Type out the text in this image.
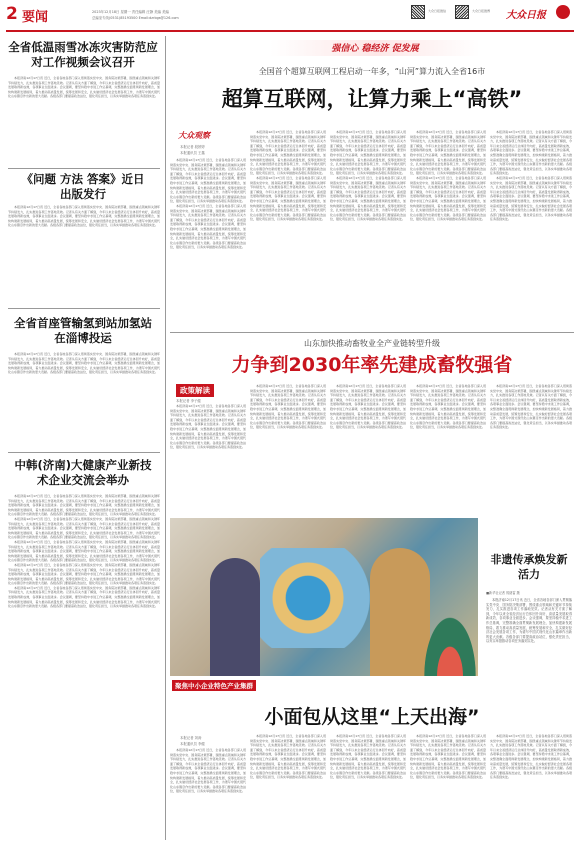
2 要闻	2023年12月18日 星期一 责任编辑 汪静 美编 美编
总编室专线(0531)85193500 Email:dzrbgs@126.com
大众日报微信	大众日报微博 大众日报
全省低温雨雪冰冻灾害防范应对工作视频会议召开

本报济南12月17日讯 近日，全省各地各部门深入贯彻落实党中央、国务院决策部署，围绕重点领域和关键环节持续发力，扎实推进各项工作落地见效。记者从有关方面了解到，今年以来全省经济运行总体回升向好，高质量发展取得新成效，各项事业全面进步。会议强调，要坚持稳中求进工作总基调，完整准确全面贯彻新发展理念，加快构建新发展格局，着力推动高质量发展，统筹发展和安全，扎实做好经济社会发展各项工作，为谱写中国式现代化山东篇章作出新的更大贡献。各级各部门要提高政治站位，强化责任担当，以务实举措推动各项任务落到实处。

《问题 方法 答案》近日出版发行

本报济南12月17日讯 近日，全省各地各部门深入贯彻落实党中央、国务院决策部署，围绕重点领域和关键环节持续发力，扎实推进各项工作落地见效。记者从有关方面了解到，今年以来全省经济运行总体回升向好，高质量发展取得新成效，各项事业全面进步。会议强调，要坚持稳中求进工作总基调，完整准确全面贯彻新发展理念，加快构建新发展格局，着力推动高质量发展，统筹发展和安全，扎实做好经济社会发展各项工作，为谱写中国式现代化山东篇章作出新的更大贡献。各级各部门要提高政治站位，强化责任担当，以务实举措推动各项任务落到实处。

全省首座管输氢到站加氢站在淄博投运

本报济南12月17日讯 近日，全省各地各部门深入贯彻落实党中央、国务院决策部署，围绕重点领域和关键环节持续发力，扎实推进各项工作落地见效。记者从有关方面了解到，今年以来全省经济运行总体回升向好，高质量发展取得新成效，各项事业全面进步。会议强调，要坚持稳中求进工作总基调，完整准确全面贯彻新发展理念，加快构建新发展格局，着力推动高质量发展，统筹发展和安全，扎实做好经济社会发展各项工作，为谱写中国式现代化山东篇章作出新的更大贡献。各级各部门要提高政治站位，强化责任担当，以务实举措推动各项任务落到实处。

中韩(济南)大健康产业新技术企业交流会举办

本报济南12月17日讯 近日，全省各地各部门深入贯彻落实党中央、国务院决策部署，围绕重点领域和关键环节持续发力，扎实推进各项工作落地见效。记者从有关方面了解到，今年以来全省经济运行总体回升向好，高质量发展取得新成效，各项事业全面进步。会议强调，要坚持稳中求进工作总基调，完整准确全面贯彻新发展理念，加快构建新发展格局，着力推动高质量发展，统筹发展和安全，扎实做好经济社会发展各项工作，为谱写中国式现代化山东篇章作出新的更大贡献。各级各部门要提高政治站位，强化责任担当，以务实举措推动各项任务落到实处。

本报济南12月17日讯 近日，全省各地各部门深入贯彻落实党中央、国务院决策部署，围绕重点领域和关键环节持续发力，扎实推进各项工作落地见效。记者从有关方面了解到，今年以来全省经济运行总体回升向好，高质量发展取得新成效，各项事业全面进步。会议强调，要坚持稳中求进工作总基调，完整准确全面贯彻新发展理念，加快构建新发展格局，着力推动高质量发展，统筹发展和安全，扎实做好经济社会发展各项工作，为谱写中国式现代化山东篇章作出新的更大贡献。各级各部门要提高政治站位，强化责任担当，以务实举措推动各项任务落到实处。

本报济南12月17日讯 近日，全省各地各部门深入贯彻落实党中央、国务院决策部署，围绕重点领域和关键环节持续发力，扎实推进各项工作落地见效。记者从有关方面了解到，今年以来全省经济运行总体回升向好，高质量发展取得新成效，各项事业全面进步。会议强调，要坚持稳中求进工作总基调，完整准确全面贯彻新发展理念，加快构建新发展格局，着力推动高质量发展，统筹发展和安全，扎实做好经济社会发展各项工作，为谱写中国式现代化山东篇章作出新的更大贡献。各级各部门要提高政治站位，强化责任担当，以务实举措推动各项任务落到实处。

本报济南12月17日讯 近日，全省各地各部门深入贯彻落实党中央、国务院决策部署，围绕重点领域和关键环节持续发力，扎实推进各项工作落地见效。记者从有关方面了解到，今年以来全省经济运行总体回升向好，高质量发展取得新成效，各项事业全面进步。会议强调，要坚持稳中求进工作总基调，完整准确全面贯彻新发展理念，加快构建新发展格局，着力推动高质量发展，统筹发展和安全，扎实做好经济社会发展各项工作，为谱写中国式现代化山东篇章作出新的更大贡献。各级各部门要提高政治站位，强化责任担当，以务实举措推动各项任务落到实处。

本报济南12月17日讯 近日，全省各地各部门深入贯彻落实党中央、国务院决策部署，围绕重点领域和关键环节持续发力，扎实推进各项工作落地见效。记者从有关方面了解到，今年以来全省经济运行总体回升向好，高质量发展取得新成效，各项事业全面进步。会议强调，要坚持稳中求进工作总基调，完整准确全面贯彻新发展理念，加快构建新发展格局，着力推动高质量发展，统筹发展和安全，扎实做好经济社会发展各项工作，为谱写中国式现代化山东篇章作出新的更大贡献。各级各部门要提高政治站位，强化责任担当，以务实举措推动各项任务落到实处。

强信心 稳经济 促发展
全国首个超算互联网工程启动一年多，“山河”算力流入全省16市
超算互联网，让算力乘上“高铁”
大众观察
本报记者 段婷婷
本报通讯员 王鑫

本报济南12月17日讯 近日，全省各地各部门深入贯彻落实党中央、国务院决策部署，围绕重点领域和关键环节持续发力，扎实推进各项工作落地见效。记者从有关方面了解到，今年以来全省经济运行总体回升向好，高质量发展取得新成效，各项事业全面进步。会议强调，要坚持稳中求进工作总基调，完整准确全面贯彻新发展理念，加快构建新发展格局，着力推动高质量发展，统筹发展和安全，扎实做好经济社会发展各项工作，为谱写中国式现代化山东篇章作出新的更大贡献。各级各部门要提高政治站位，强化责任担当，以务实举措推动各项任务落到实处。

本报济南12月17日讯 近日，全省各地各部门深入贯彻落实党中央、国务院决策部署，围绕重点领域和关键环节持续发力，扎实推进各项工作落地见效。记者从有关方面了解到，今年以来全省经济运行总体回升向好，高质量发展取得新成效，各项事业全面进步。会议强调，要坚持稳中求进工作总基调，完整准确全面贯彻新发展理念，加快构建新发展格局，着力推动高质量发展，统筹发展和安全，扎实做好经济社会发展各项工作，为谱写中国式现代化山东篇章作出新的更大贡献。各级各部门要提高政治站位，强化责任担当，以务实举措推动各项任务落到实处。

本报济南12月17日讯 近日，全省各地各部门深入贯彻落实党中央、国务院决策部署，围绕重点领域和关键环节持续发力，扎实推进各项工作落地见效。记者从有关方面了解到，今年以来全省经济运行总体回升向好，高质量发展取得新成效，各项事业全面进步。会议强调，要坚持稳中求进工作总基调，完整准确全面贯彻新发展理念，加快构建新发展格局，着力推动高质量发展，统筹发展和安全，扎实做好经济社会发展各项工作，为谱写中国式现代化山东篇章作出新的更大贡献。各级各部门要提高政治站位，强化责任担当，以务实举措推动各项任务落到实处。

本报济南12月17日讯 近日，全省各地各部门深入贯彻落实党中央、国务院决策部署，围绕重点领域和关键环节持续发力，扎实推进各项工作落地见效。记者从有关方面了解到，今年以来全省经济运行总体回升向好，高质量发展取得新成效，各项事业全面进步。会议强调，要坚持稳中求进工作总基调，完整准确全面贯彻新发展理念，加快构建新发展格局，着力推动高质量发展，统筹发展和安全，扎实做好经济社会发展各项工作，为谱写中国式现代化山东篇章作出新的更大贡献。各级各部门要提高政治站位，强化责任担当，以务实举措推动各项任务落到实处。

本报济南12月17日讯 近日，全省各地各部门深入贯彻落实党中央、国务院决策部署，围绕重点领域和关键环节持续发力，扎实推进各项工作落地见效。记者从有关方面了解到，今年以来全省经济运行总体回升向好，高质量发展取得新成效，各项事业全面进步。会议强调，要坚持稳中求进工作总基调，完整准确全面贯彻新发展理念，加快构建新发展格局，着力推动高质量发展，统筹发展和安全，扎实做好经济社会发展各项工作，为谱写中国式现代化山东篇章作出新的更大贡献。各级各部门要提高政治站位，强化责任担当，以务实举措推动各项任务落到实处。

本报济南12月17日讯 近日，全省各地各部门深入贯彻落实党中央、国务院决策部署，围绕重点领域和关键环节持续发力，扎实推进各项工作落地见效。记者从有关方面了解到，今年以来全省经济运行总体回升向好，高质量发展取得新成效，各项事业全面进步。会议强调，要坚持稳中求进工作总基调，完整准确全面贯彻新发展理念，加快构建新发展格局，着力推动高质量发展，统筹发展和安全，扎实做好经济社会发展各项工作，为谱写中国式现代化山东篇章作出新的更大贡献。各级各部门要提高政治站位，强化责任担当，以务实举措推动各项任务落到实处。

本报济南12月17日讯 近日，全省各地各部门深入贯彻落实党中央、国务院决策部署，围绕重点领域和关键环节持续发力，扎实推进各项工作落地见效。记者从有关方面了解到，今年以来全省经济运行总体回升向好，高质量发展取得新成效，各项事业全面进步。会议强调，要坚持稳中求进工作总基调，完整准确全面贯彻新发展理念，加快构建新发展格局，着力推动高质量发展，统筹发展和安全，扎实做好经济社会发展各项工作，为谱写中国式现代化山东篇章作出新的更大贡献。各级各部门要提高政治站位，强化责任担当，以务实举措推动各项任务落到实处。

本报济南12月17日讯 近日，全省各地各部门深入贯彻落实党中央、国务院决策部署，围绕重点领域和关键环节持续发力，扎实推进各项工作落地见效。记者从有关方面了解到，今年以来全省经济运行总体回升向好，高质量发展取得新成效，各项事业全面进步。会议强调，要坚持稳中求进工作总基调，完整准确全面贯彻新发展理念，加快构建新发展格局，着力推动高质量发展，统筹发展和安全，扎实做好经济社会发展各项工作，为谱写中国式现代化山东篇章作出新的更大贡献。各级各部门要提高政治站位，强化责任担当，以务实举措推动各项任务落到实处。

本报济南12月17日讯 近日，全省各地各部门深入贯彻落实党中央、国务院决策部署，围绕重点领域和关键环节持续发力，扎实推进各项工作落地见效。记者从有关方面了解到，今年以来全省经济运行总体回升向好，高质量发展取得新成效，各项事业全面进步。会议强调，要坚持稳中求进工作总基调，完整准确全面贯彻新发展理念，加快构建新发展格局，着力推动高质量发展，统筹发展和安全，扎实做好经济社会发展各项工作，为谱写中国式现代化山东篇章作出新的更大贡献。各级各部门要提高政治站位，强化责任担当，以务实举措推动各项任务落到实处。

本报济南12月17日讯 近日，全省各地各部门深入贯彻落实党中央、国务院决策部署，围绕重点领域和关键环节持续发力，扎实推进各项工作落地见效。记者从有关方面了解到，今年以来全省经济运行总体回升向好，高质量发展取得新成效，各项事业全面进步。会议强调，要坚持稳中求进工作总基调，完整准确全面贯彻新发展理念，加快构建新发展格局，着力推动高质量发展，统筹发展和安全，扎实做好经济社会发展各项工作，为谱写中国式现代化山东篇章作出新的更大贡献。各级各部门要提高政治站位，强化责任担当，以务实举措推动各项任务落到实处。

山东加快推动畜牧业全产业链转型升级
力争到2030年率先建成畜牧强省
政策解读
本报记者 李子健

本报济南12月17日讯 近日，全省各地各部门深入贯彻落实党中央、国务院决策部署，围绕重点领域和关键环节持续发力，扎实推进各项工作落地见效。记者从有关方面了解到，今年以来全省经济运行总体回升向好，高质量发展取得新成效，各项事业全面进步。会议强调，要坚持稳中求进工作总基调，完整准确全面贯彻新发展理念，加快构建新发展格局，着力推动高质量发展，统筹发展和安全，扎实做好经济社会发展各项工作，为谱写中国式现代化山东篇章作出新的更大贡献。各级各部门要提高政治站位，强化责任担当，以务实举措推动各项任务落到实处。

本报济南12月17日讯 近日，全省各地各部门深入贯彻落实党中央、国务院决策部署，围绕重点领域和关键环节持续发力，扎实推进各项工作落地见效。记者从有关方面了解到，今年以来全省经济运行总体回升向好，高质量发展取得新成效，各项事业全面进步。会议强调，要坚持稳中求进工作总基调，完整准确全面贯彻新发展理念，加快构建新发展格局，着力推动高质量发展，统筹发展和安全，扎实做好经济社会发展各项工作，为谱写中国式现代化山东篇章作出新的更大贡献。各级各部门要提高政治站位，强化责任担当，以务实举措推动各项任务落到实处。

本报济南12月17日讯 近日，全省各地各部门深入贯彻落实党中央、国务院决策部署，围绕重点领域和关键环节持续发力，扎实推进各项工作落地见效。记者从有关方面了解到，今年以来全省经济运行总体回升向好，高质量发展取得新成效，各项事业全面进步。会议强调，要坚持稳中求进工作总基调，完整准确全面贯彻新发展理念，加快构建新发展格局，着力推动高质量发展，统筹发展和安全，扎实做好经济社会发展各项工作，为谱写中国式现代化山东篇章作出新的更大贡献。各级各部门要提高政治站位，强化责任担当，以务实举措推动各项任务落到实处。

本报济南12月17日讯 近日，全省各地各部门深入贯彻落实党中央、国务院决策部署，围绕重点领域和关键环节持续发力，扎实推进各项工作落地见效。记者从有关方面了解到，今年以来全省经济运行总体回升向好，高质量发展取得新成效，各项事业全面进步。会议强调，要坚持稳中求进工作总基调，完整准确全面贯彻新发展理念，加快构建新发展格局，着力推动高质量发展，统筹发展和安全，扎实做好经济社会发展各项工作，为谱写中国式现代化山东篇章作出新的更大贡献。各级各部门要提高政治站位，强化责任担当，以务实举措推动各项任务落到实处。

本报济南12月17日讯 近日，全省各地各部门深入贯彻落实党中央、国务院决策部署，围绕重点领域和关键环节持续发力，扎实推进各项工作落地见效。记者从有关方面了解到，今年以来全省经济运行总体回升向好，高质量发展取得新成效，各项事业全面进步。会议强调，要坚持稳中求进工作总基调，完整准确全面贯彻新发展理念，加快构建新发展格局，着力推动高质量发展，统筹发展和安全，扎实做好经济社会发展各项工作，为谱写中国式现代化山东篇章作出新的更大贡献。各级各部门要提高政治站位，强化责任担当，以务实举措推动各项任务落到实处。

非遗传承焕发新活力
■新华社记者 郭绪雷 摄

本报济南12月17日讯 近日，全省各地各部门深入贯彻落实党中央、国务院决策部署，围绕重点领域和关键环节持续发力，扎实推进各项工作落地见效。记者从有关方面了解到，今年以来全省经济运行总体回升向好，高质量发展取得新成效，各项事业全面进步。会议强调，要坚持稳中求进工作总基调，完整准确全面贯彻新发展理念，加快构建新发展格局，着力推动高质量发展，统筹发展和安全，扎实做好经济社会发展各项工作，为谱写中国式现代化山东篇章作出新的更大贡献。各级各部门要提高政治站位，强化责任担当，以务实举措推动各项任务落到实处。

聚焦中小企业特色产业集群
小面包从这里“上天出海”
本报记者 刘涛
本报通讯员 李健

本报济南12月17日讯 近日，全省各地各部门深入贯彻落实党中央、国务院决策部署，围绕重点领域和关键环节持续发力，扎实推进各项工作落地见效。记者从有关方面了解到，今年以来全省经济运行总体回升向好，高质量发展取得新成效，各项事业全面进步。会议强调，要坚持稳中求进工作总基调，完整准确全面贯彻新发展理念，加快构建新发展格局，着力推动高质量发展，统筹发展和安全，扎实做好经济社会发展各项工作，为谱写中国式现代化山东篇章作出新的更大贡献。各级各部门要提高政治站位，强化责任担当，以务实举措推动各项任务落到实处。

本报济南12月17日讯 近日，全省各地各部门深入贯彻落实党中央、国务院决策部署，围绕重点领域和关键环节持续发力，扎实推进各项工作落地见效。记者从有关方面了解到，今年以来全省经济运行总体回升向好，高质量发展取得新成效，各项事业全面进步。会议强调，要坚持稳中求进工作总基调，完整准确全面贯彻新发展理念，加快构建新发展格局，着力推动高质量发展，统筹发展和安全，扎实做好经济社会发展各项工作，为谱写中国式现代化山东篇章作出新的更大贡献。各级各部门要提高政治站位，强化责任担当，以务实举措推动各项任务落到实处。

本报济南12月17日讯 近日，全省各地各部门深入贯彻落实党中央、国务院决策部署，围绕重点领域和关键环节持续发力，扎实推进各项工作落地见效。记者从有关方面了解到，今年以来全省经济运行总体回升向好，高质量发展取得新成效，各项事业全面进步。会议强调，要坚持稳中求进工作总基调，完整准确全面贯彻新发展理念，加快构建新发展格局，着力推动高质量发展，统筹发展和安全，扎实做好经济社会发展各项工作，为谱写中国式现代化山东篇章作出新的更大贡献。各级各部门要提高政治站位，强化责任担当，以务实举措推动各项任务落到实处。

本报济南12月17日讯 近日，全省各地各部门深入贯彻落实党中央、国务院决策部署，围绕重点领域和关键环节持续发力，扎实推进各项工作落地见效。记者从有关方面了解到，今年以来全省经济运行总体回升向好，高质量发展取得新成效，各项事业全面进步。会议强调，要坚持稳中求进工作总基调，完整准确全面贯彻新发展理念，加快构建新发展格局，着力推动高质量发展，统筹发展和安全，扎实做好经济社会发展各项工作，为谱写中国式现代化山东篇章作出新的更大贡献。各级各部门要提高政治站位，强化责任担当，以务实举措推动各项任务落到实处。

本报济南12月17日讯 近日，全省各地各部门深入贯彻落实党中央、国务院决策部署，围绕重点领域和关键环节持续发力，扎实推进各项工作落地见效。记者从有关方面了解到，今年以来全省经济运行总体回升向好，高质量发展取得新成效，各项事业全面进步。会议强调，要坚持稳中求进工作总基调，完整准确全面贯彻新发展理念，加快构建新发展格局，着力推动高质量发展，统筹发展和安全，扎实做好经济社会发展各项工作，为谱写中国式现代化山东篇章作出新的更大贡献。各级各部门要提高政治站位，强化责任担当，以务实举措推动各项任务落到实处。
